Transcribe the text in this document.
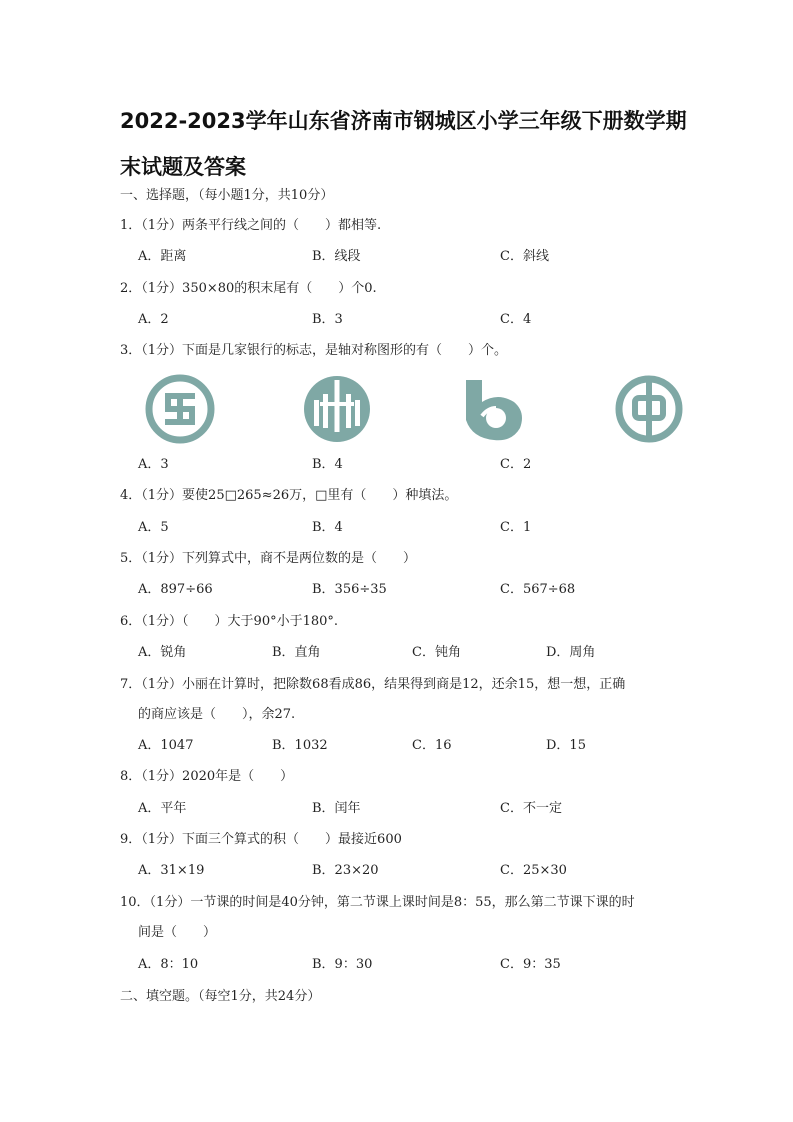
2022-2023学年山东省济南市钢城区小学三年级下册数学期末试题及答案
一、选择题，（每小题1分，共10分）
1．（1分）两条平行线之间的（　　）都相等.
A．距离	B．线段	C．斜线
2．（1分）350×80的积末尾有（　　）个0.
A．2	B．3	C．4
3．（1分）下面是几家银行的标志，是轴对称图形的有（　　）个。
A．3	B．4	C．2
4．（1分）要使25□265≈26万，□里有（　　）种填法。
A．5	B．4	C．1
5．（1分）下列算式中，商不是两位数的是（　　）
A．897÷66	B．356÷35	C．567÷68
6．（1分）（　　）大于90°小于180°.
A．锐角	B．直角	C．钝角	D．周角
7．（1分）小丽在计算时，把除数68看成86，结果得到商是12，还余15，想一想，正确
的商应该是（　　），余27.
A．1047	B．1032	C．16	D．15
8．（1分）2020年是（　　）
A．平年	B．闰年	C．不一定
9．（1分）下面三个算式的积（　　）最接近600
A．31×19	B．23×20	C．25×30
10．（1分）一节课的时间是40分钟，第二节课上课时间是8：55，那么第二节课下课的时
间是（　　）
A．8：10	B．9：30	C．9：35
二、填空题。（每空1分，共24分）
